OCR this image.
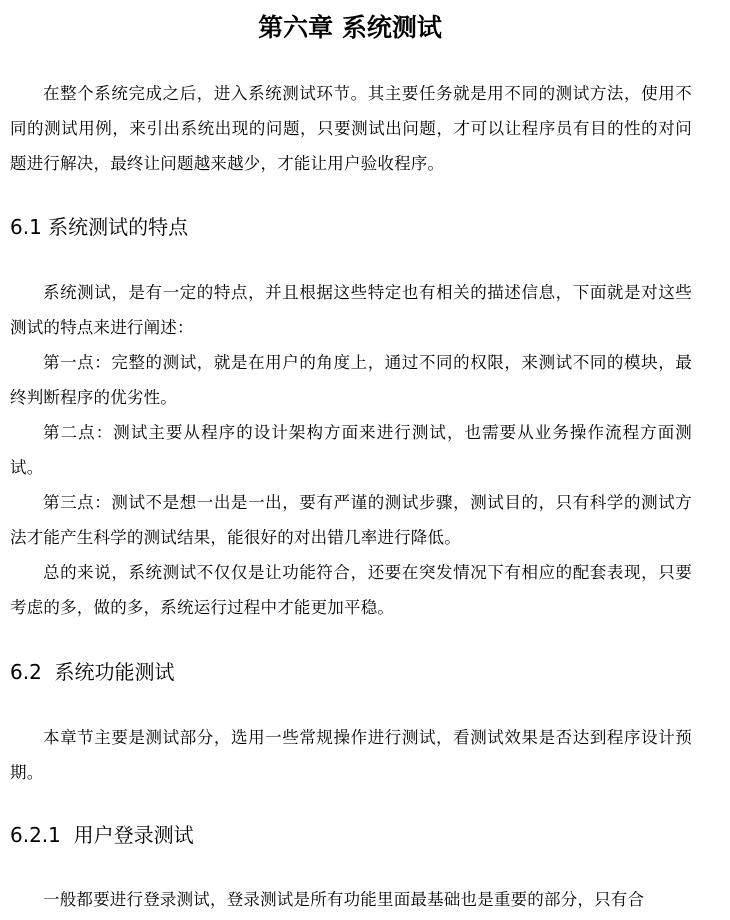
第六章 系统测试

在整个系统完成之后，进入系统测试环节。其主要任务就是用不同的测试方法，使用不同的测试用例，来引出系统出现的问题，只要测试出问题，才可以让程序员有目的性的对问题进行解决，最终让问题越来越少，才能让用户验收程序。

6.1 系统测试的特点

系统测试，是有一定的特点，并且根据这些特定也有相关的描述信息，下面就是对这些测试的特点来进行阐述：

第一点：完整的测试，就是在用户的角度上，通过不同的权限，来测试不同的模块，最终判断程序的优劣性。

第二点：测试主要从程序的设计架构方面来进行测试，也需要从业务操作流程方面测试。

第三点：测试不是想一出是一出，要有严谨的测试步骤，测试目的，只有科学的测试方法才能产生科学的测试结果，能很好的对出错几率进行降低。

总的来说，系统测试不仅仅是让功能符合，还要在突发情况下有相应的配套表现，只要考虑的多，做的多，系统运行过程中才能更加平稳。

6.2  系统功能测试

本章节主要是测试部分，选用一些常规操作进行测试，看测试效果是否达到程序设计预期。

6.2.1  用户登录测试

一般都要进行登录测试，登录测试是所有功能里面最基础也是重要的部分，只有合
